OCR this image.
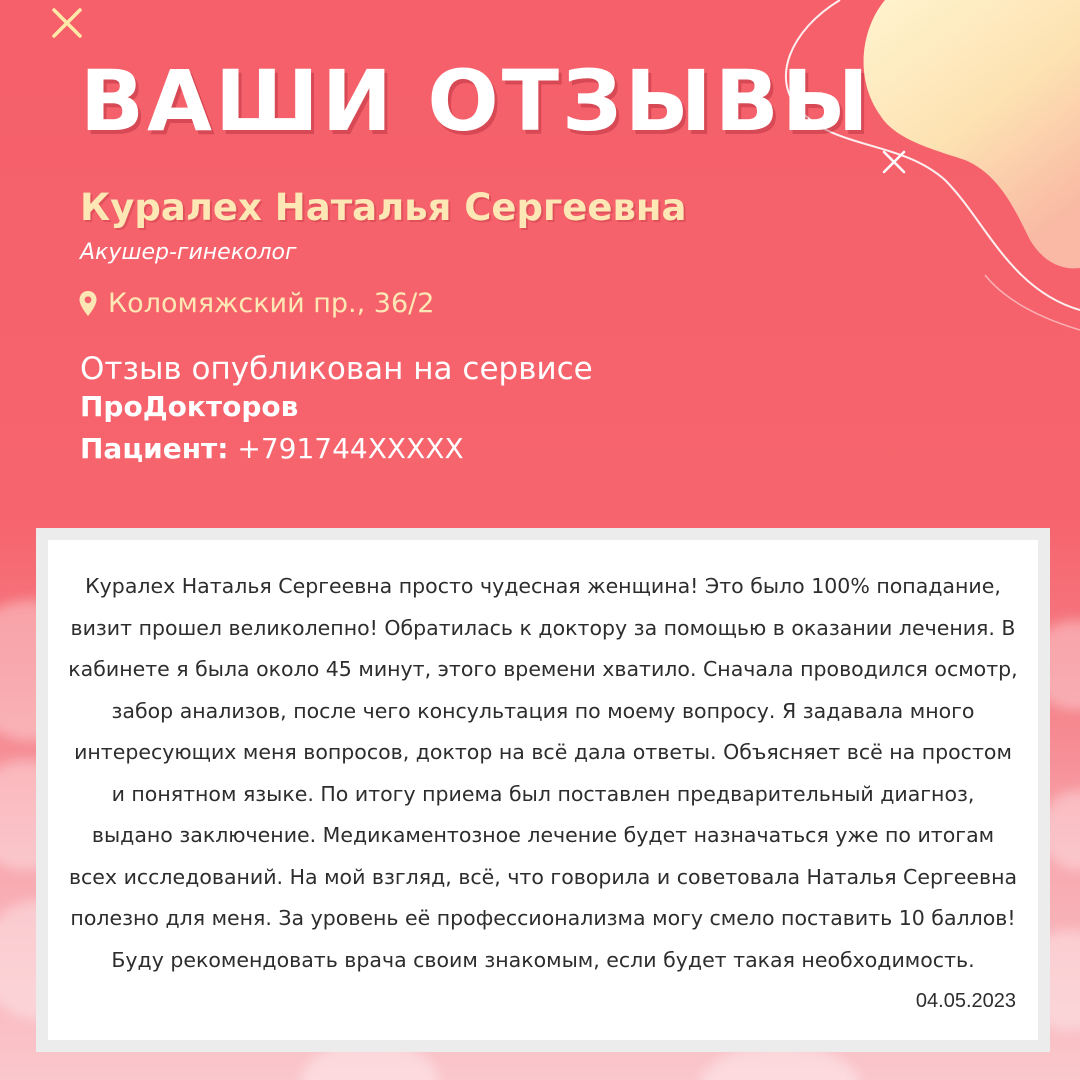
ВАШИ ОТЗЫВЫ
Куралех Наталья Сергеевна
Акушер-гинеколог
Коломяжский пр., 36/2
Отзыв опубликован на сервисе
ПроДокторов
Пациент: +791744XXXXX

Куралех Наталья Сергеевна просто чудесная женщина! Это было 100% попадание, визит прошел великолепно! Обратилась к доктору за помощью в оказании лечения. В кабинете я была около 45 минут, этого времени хватило. Сначала проводился осмотр, забор анализов, после чего консультация по моему вопросу. Я задавала много интересующих меня вопросов, доктор на всё дала ответы. Объясняет всё на простом и понятном языке. По итогу приема был поставлен предварительный диагноз, выдано заключение. Медикаментозное лечение будет назначаться уже по итогам всех исследований. На мой взгляд, всё, что говорила и советовала Наталья Сергеевна полезно для меня. За уровень её профессионализма могу смело поставить 10 баллов! Буду рекомендовать врача своим знакомым, если будет такая необходимость.

04.05.2023
